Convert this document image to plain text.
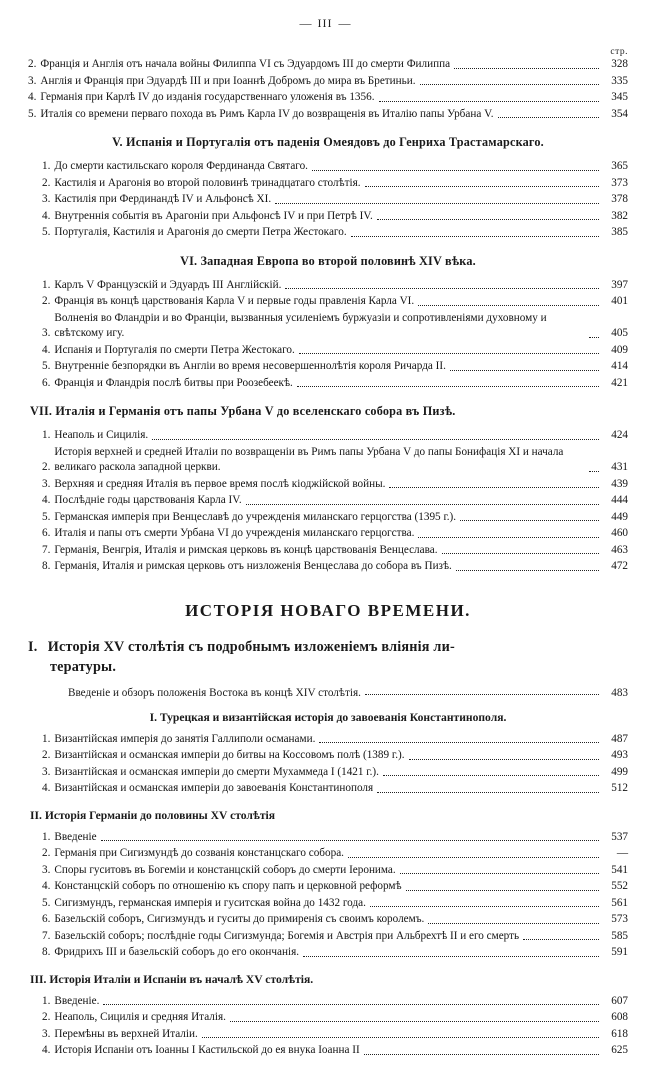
—  III  —
стр.
2. Франція и Англія отъ начала войны Филиппа VI съ Эдуардомъ III до смерти Филиппа	328
3. Англія и Франція при Эдуардѣ III и при Іоаннѣ Добромъ до мира въ Бретиньи.	335
4. Германія при Карлѣ IV до изданія государственнаго уложенія въ 1356.	345
5. Италія со времени перваго похода въ Римъ Карла IV до возвращенія въ Италію папы Урбана V.	354
V. Испанія и Португалія отъ паденія Омеядовъ до Генриха Трастамарскаго.
1. До смерти кастильскаго короля Фердинанда Святаго.	365
2. Кастилія и Арагонія во второй половинѣ тринадцатаго столѣтія.	373
3. Кастилія при Фердинандѣ IV и Альфонсѣ XI.	378
4. Внутреннія событія въ Арагоніи при Альфонсѣ IV и при Петрѣ IV.	382
5. Португалія, Кастилія и Арагонія до смерти Петра Жестокаго.	385
VI. Западная Европа во второй половинѣ XIV вѣка.
1. Карлъ V Французскій и Эдуардъ III Англійскій.	397
2. Франція въ концѣ царствованія Карла V и первые годы правленія Карла VI.	401
3.
Волненія во Фландріи и во Франціи, вызванныя усиленіемъ буржуазіи и сопротивленіями духовному и свѣтскому игу.	405
4. Испанія и Португалія по смерти Петра Жестокаго.	409
5. Внутренніе безпорядки въ Англіи во время несовершеннолѣтія короля Ричарда II.	414
6. Франція и Фландрія послѣ битвы при Роозебеекѣ.	421
VII. Италія и Германія отъ папы Урбана V до вселенскаго собора въ Пизѣ.
1. Неаполь и Сицилія.	424
2.
Исторія верхней и средней Италіи по возвращеніи въ Римъ папы Урбана V до папы Бонифація XI и начала великаго раскола западной церкви.	431
3. Верхняя и средняя Италія въ первое время послѣ кіоджійской войны.	439
4. Послѣдніе годы царствованія Карла IV.	444
5. Германская имперія при Венцеславѣ до учрежденія миланскаго герцогства (1395 г.).	449
6. Италія и папы отъ смерти Урбана VI до учрежденія миланскаго герцогства.	460
7. Германія, Венгрія, Италія и римская церковь въ концѣ царствованія Венцеслава.	463
8. Германія, Италія и римская церковь отъ низложенія Венцеслава до собора въ Пизѣ.	472
ИСТОРІЯ НОВАГО ВРЕМЕНИ.
I. Исторія XV столѣтія съ подробнымъ изложеніемъ вліянія ли-
тературы.
Введеніе и обзоръ положенія Востока въ концѣ XIV столѣтія.	483
I. Турецкая и византійская исторія до завоеванія Константинополя.
1. Византійская имперія до занятія Галлиполи османами.	487
2. Византійская и османская имперіи до битвы на Коссовомъ полѣ (1389 г.).	493
3. Византійская и османская имперіи до смерти Мухаммеда I (1421 г.).	499
4. Византійская и османская имперіи до завоеванія Константинополя	512
II. Исторія Германіи до половины XV столѣтія
1. Введеніе	537
2. Германія при Сигизмундѣ до созванія констанцскаго собора.	—
3. Споры гуситовъ въ Богеміи и констанцскій соборъ до смерти Іеронима.	541
4. Констанцскій соборъ по отношенію къ спору папъ и церковной реформѣ	552
5. Сигизмундъ, германская имперія и гуситская война до 1432 года.	561
6. Базельскій соборъ, Сигизмундъ и гуситы до примиренія съ своимъ королемъ.	573
7. Базельскій соборъ; послѣдніе годы Сигизмунда; Богемія и Австрія при Альбрехтѣ II и его смерть	585
8. Фридрихъ III и базельскій соборъ до его окончанія.	591
III. Исторія Италіи и Испаніи въ началѣ XV столѣтія.
1. Введеніе.	607
2. Неаполь, Сицилія и средняя Италія.	608
3. Перемѣны въ верхней Италіи.	618
4. Исторія Испаніи отъ Іоанны I Кастильской до ея внука Іоанна II	625
